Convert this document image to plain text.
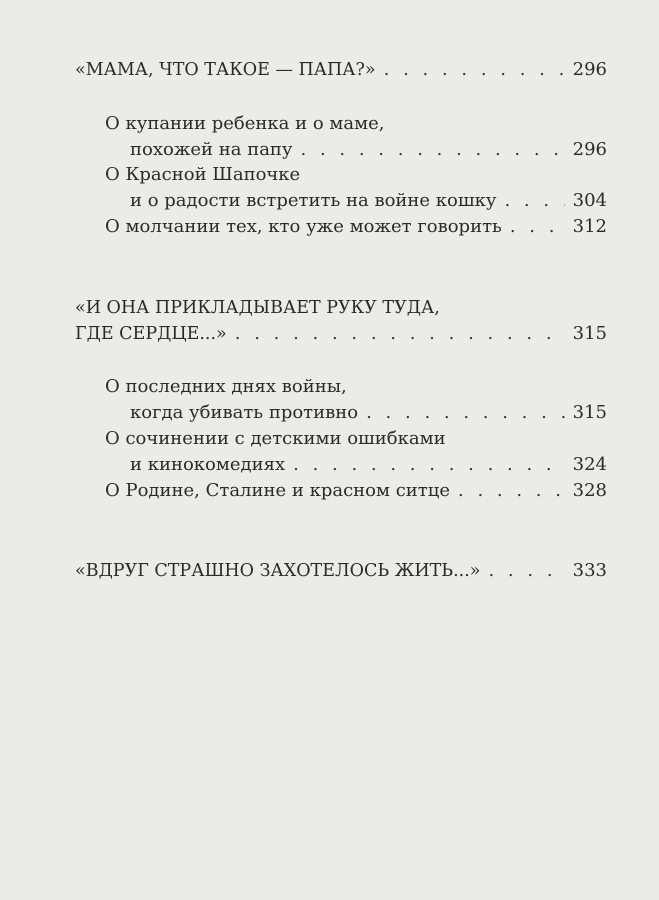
«МАМА, ЧТО ТАКОЕ — ПАПА?» . . .	296
О купании ребенка и о маме,
похожей на папу . . .	296
О Красной Шапочке
и о радости встретить на войне кошку . . .	304
О молчании тех, кто уже может говорить . . .	312
«И ОНА ПРИКЛАДЫВАЕТ РУКУ ТУДА,
ГДЕ СЕРДЦЕ...» . . .	315
О последних днях войны,
когда убивать противно . . .	315
О сочинении с детскими ошибками
и кинокомедиях . . .	324
О Родине, Сталине и красном ситце . . .	328
«ВДРУГ СТРАШНО ЗАХОТЕЛОСЬ ЖИТЬ...» . . .	333
